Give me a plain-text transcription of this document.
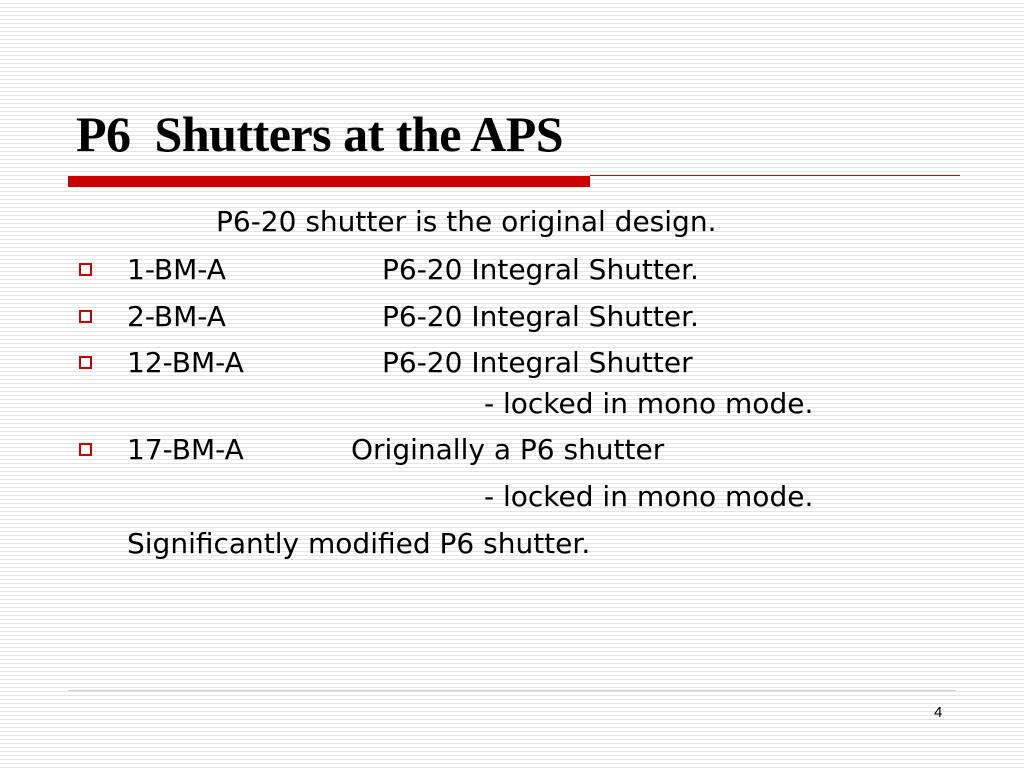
P6  Shutters at the APS
P6-20 shutter is the original design.
1-BM-A	P6-20 Integral Shutter.
2-BM-A	P6-20 Integral Shutter.
12-BM-A	P6-20 Integral Shutter
- locked in mono mode.
17-BM-A	Originally a P6 shutter
- locked in mono mode.
Significantly modified P6 shutter.
4
